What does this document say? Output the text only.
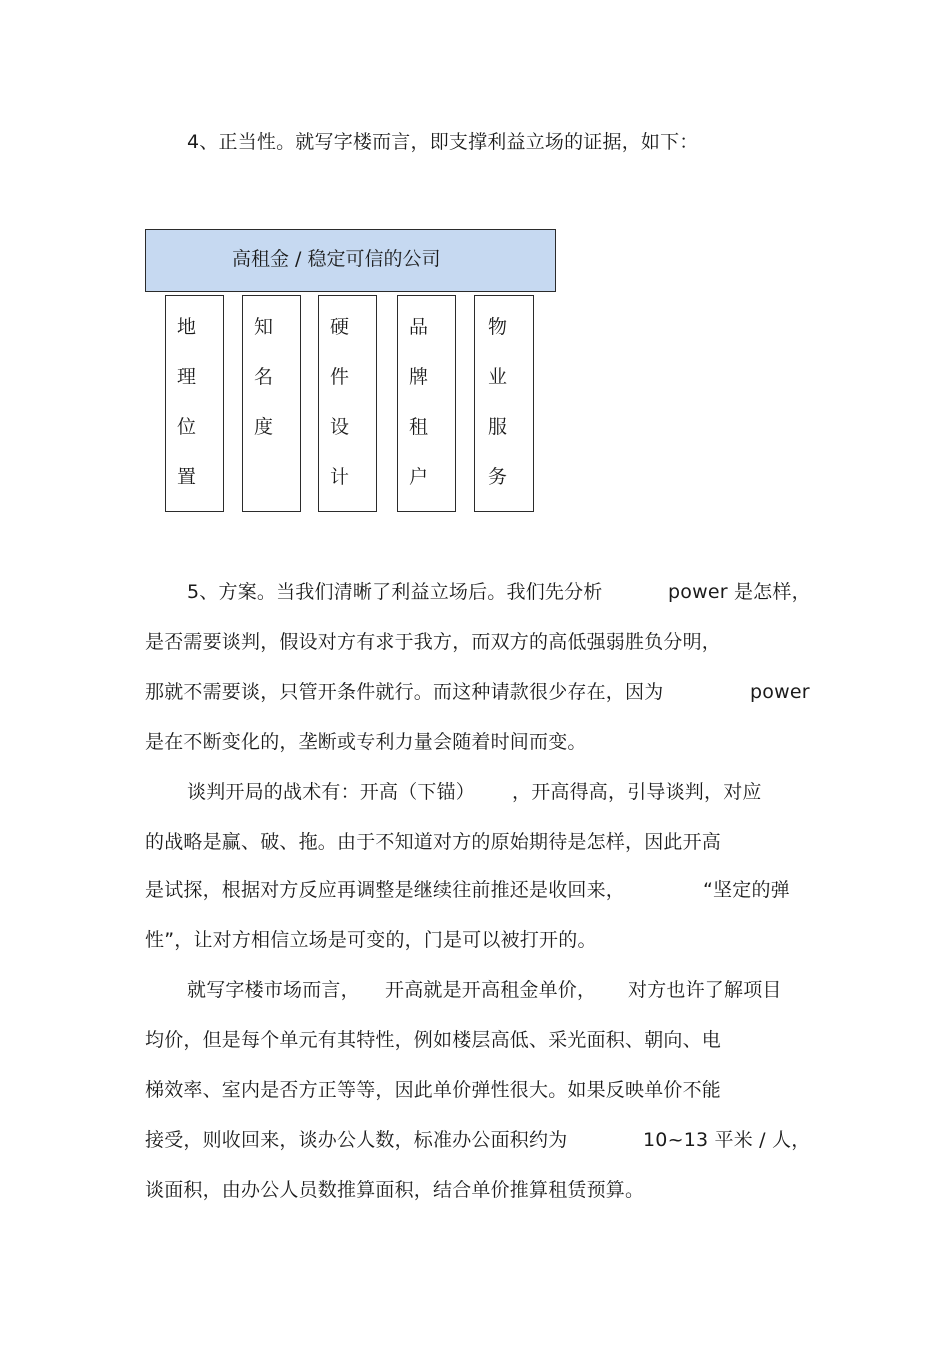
4、正当性。就写字楼而言，即支撑利益立场的证据，如下：
高租金 / 稳定可信的公司
地
理
位
置
知
名
度
硬
件
设
计
品
牌
租
户
物
业
服
务
5、方案。当我们清晰了利益立场后。我们先分析	power 是怎样，
是否需要谈判，假设对方有求于我方，而双方的高低强弱胜负分明，
那就不需要谈，只管开条件就行。而这种请款很少存在，因为	power
是在不断变化的，垄断或专利力量会随着时间而变。
谈判开局的战术有：开高（下锚） ，开高得高，引导谈判，对应
的战略是赢、破、拖。由于不知道对方的原始期待是怎样，因此开高
是试探，根据对方反应再调整是继续往前推还是收回来，	“坚定的弹
性”，让对方相信立场是可变的，门是可以被打开的。
就写字楼市场而言， 开高就是开高租金单价， 对方也许了解项目
均价，但是每个单元有其特性，例如楼层高低、采光面积、朝向、电
梯效率、室内是否方正等等，因此单价弹性很大。如果反映单价不能
接受，则收回来，谈办公人数，标准办公面积约为	10~13 平米 / 人，
谈面积，由办公人员数推算面积，结合单价推算租赁预算。
